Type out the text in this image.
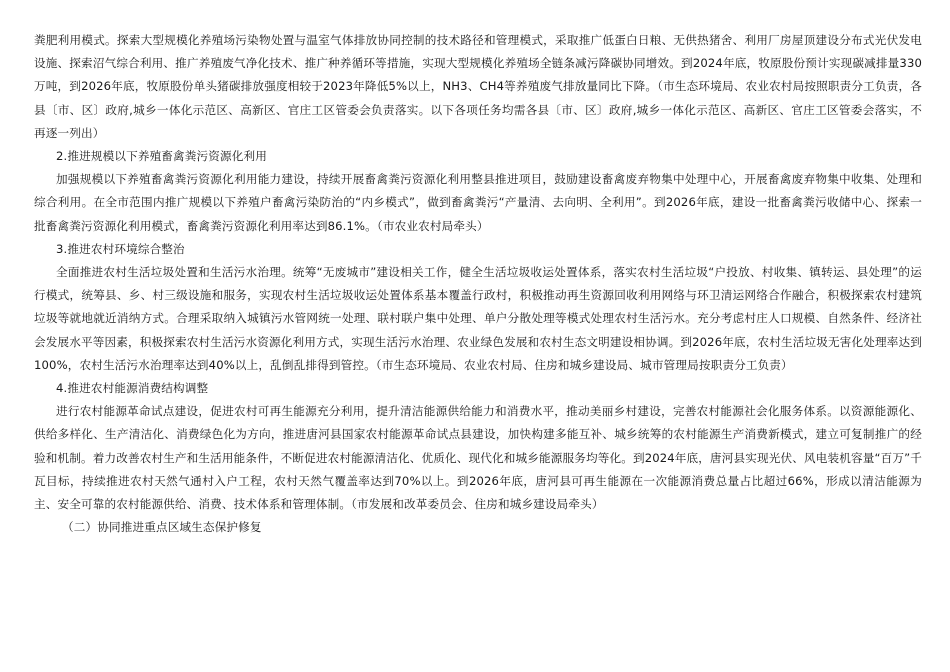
粪肥利用模式。探索大型规模化养殖场污染物处置与温室气体排放协同控制的技术路径和管理模式，采取推广低蛋白日粮、无供热猪舍、利用厂房屋顶建设分布式光伏发电设施、探索沼气综合利用、推广养殖废气净化技术、推广种养循环等措施，实现大型规模化养殖场全链条减污降碳协同增效。到2024年底，牧原股份预计实现碳减排量330万吨，到2026年底，牧原股份单头猪碳排放强度相较于2023年降低5%以上，NH3、CH4等养殖废气排放量同比下降。（市生态环境局、农业农村局按照职责分工负责，各县〔市、区〕政府,城乡一体化示范区、高新区、官庄工区管委会负责落实。以下各项任务均需各县〔市、区〕政府,城乡一体化示范区、高新区、官庄工区管委会落实，不再逐一列出）

2.推进规模以下养殖畜禽粪污资源化利用

加强规模以下养殖畜禽粪污资源化利用能力建设，持续开展畜禽粪污资源化利用整县推进项目，鼓励建设畜禽废弃物集中处理中心，开展畜禽废弃物集中收集、处理和综合利用。在全市范围内推广规模以下养殖户畜禽污染防治的“内乡模式”，做到畜禽粪污“产量清、去向明、全利用”。到2026年底，建设一批畜禽粪污收储中心、探索一批畜禽粪污资源化利用模式，畜禽粪污资源化利用率达到86.1%。（市农业农村局牵头）

3.推进农村环境综合整治

全面推进农村生活垃圾处置和生活污水治理。统筹“无废城市”建设相关工作，健全生活垃圾收运处置体系，落实农村生活垃圾“户投放、村收集、镇转运、县处理”的运行模式，统筹县、乡、村三级设施和服务，实现农村生活垃圾收运处置体系基本覆盖行政村，积极推动再生资源回收利用网络与环卫清运网络合作融合，积极探索农村建筑垃圾等就地就近消纳方式。合理采取纳入城镇污水管网统一处理、联村联户集中处理、单户分散处理等模式处理农村生活污水。充分考虑村庄人口规模、自然条件、经济社会发展水平等因素，积极探索农村生活污水资源化利用方式，实现生活污水治理、农业绿色发展和农村生态文明建设相协调。到2026年底，农村生活垃圾无害化处理率达到100%，农村生活污水治理率达到40%以上，乱倒乱排得到管控。（市生态环境局、农业农村局、住房和城乡建设局、城市管理局按职责分工负责）

4.推进农村能源消费结构调整

进行农村能源革命试点建设，促进农村可再生能源充分利用，提升清洁能源供给能力和消费水平，推动美丽乡村建设，完善农村能源社会化服务体系。以资源能源化、供给多样化、生产清洁化、消费绿色化为方向，推进唐河县国家农村能源革命试点县建设，加快构建多能互补、城乡统筹的农村能源生产消费新模式，建立可复制推广的经验和机制。着力改善农村生产和生活用能条件，不断促进农村能源清洁化、优质化、现代化和城乡能源服务均等化。到2024年底，唐河县实现光伏、风电装机容量“百万”千瓦目标，持续推进农村天然气通村入户工程，农村天然气覆盖率达到70%以上。到2026年底，唐河县可再生能源在一次能源消费总量占比超过66%，形成以清洁能源为主、安全可靠的农村能源供给、消费、技术体系和管理体制。（市发展和改革委员会、住房和城乡建设局牵头）

（二）协同推进重点区域生态保护修复
